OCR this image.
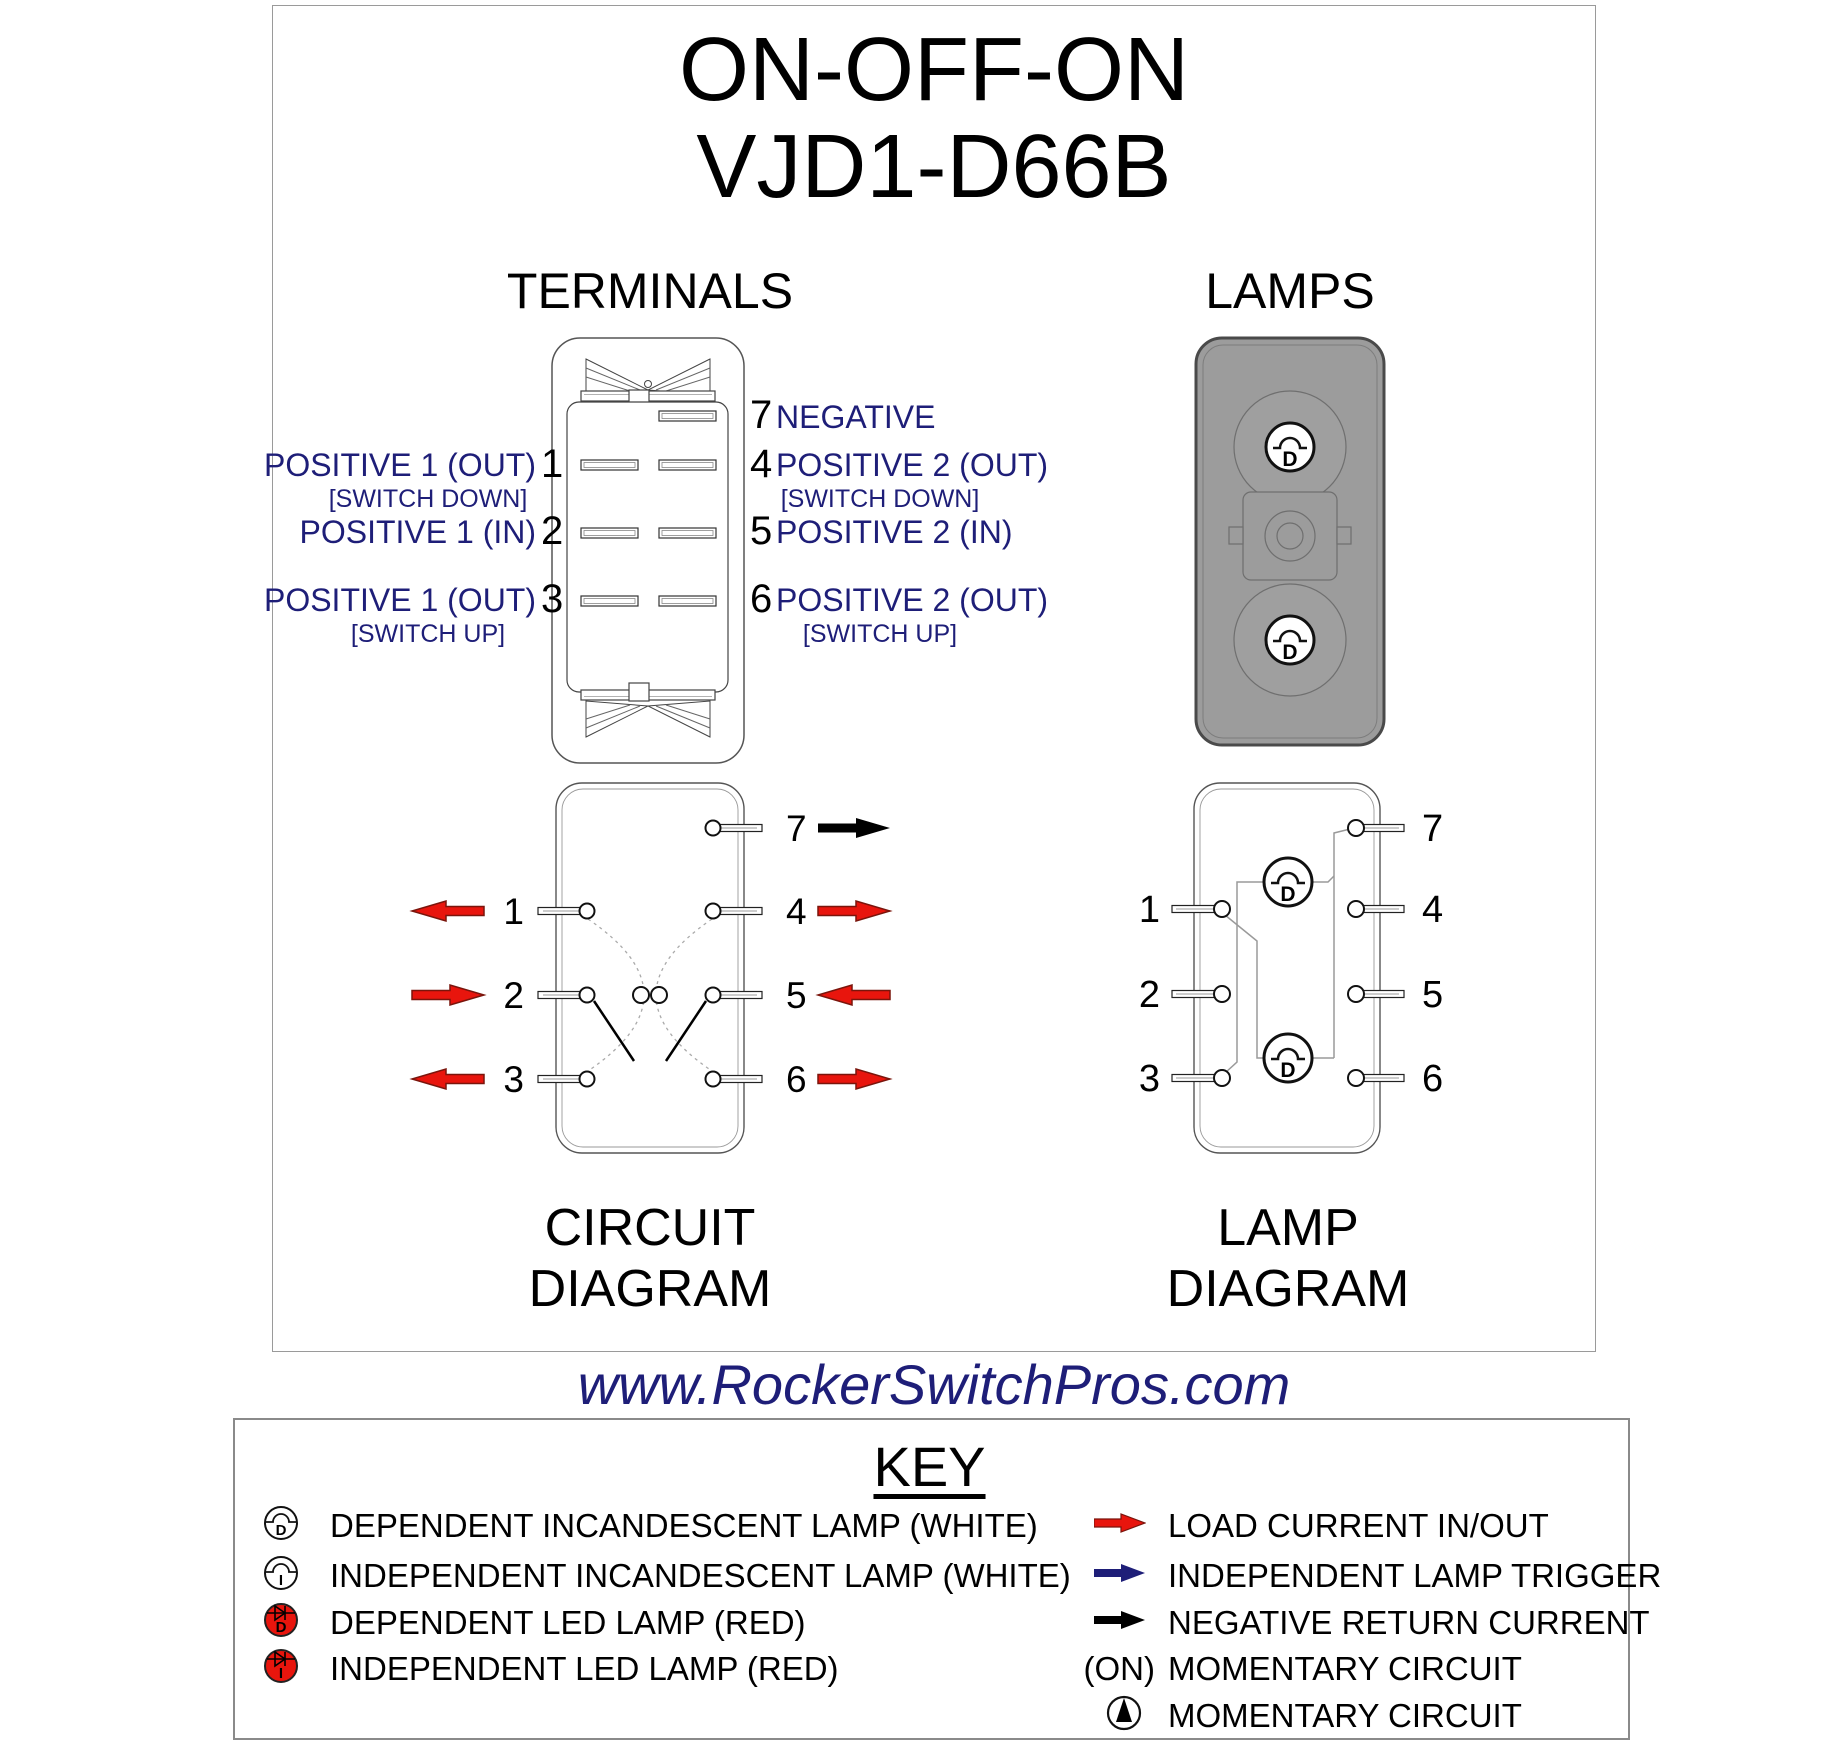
ON-OFF-ON
VJD1-D66B
TERMINALS	LAMPS
POSITIVE 1 (OUT)
[SWITCH DOWN]
POSITIVE 1 (IN)
POSITIVE 1 (OUT)
[SWITCH UP]
1
2
3
7 NEGATIVE
4 POSITIVE 2 (OUT)
[SWITCH DOWN]
5 POSITIVE 2 (IN)
6 POSITIVE 2 (OUT)
[SWITCH UP]
D
D
1
2
3
7
4
5
6
D
D
1
2
3
7
4
5
6
CIRCUIT
DIAGRAM
LAMP
DIAGRAM
www.RockerSwitchPros.com
KEY
D DEPENDENT INCANDESCENT LAMP (WHITE)
I INDEPENDENT INCANDESCENT LAMP (WHITE)
D DEPENDENT LED LAMP (RED)
I INDEPENDENT LED LAMP (RED)
LOAD CURRENT IN/OUT
INDEPENDENT LAMP TRIGGER
NEGATIVE RETURN CURRENT
(ON) MOMENTARY CIRCUIT
MOMENTARY CIRCUIT
